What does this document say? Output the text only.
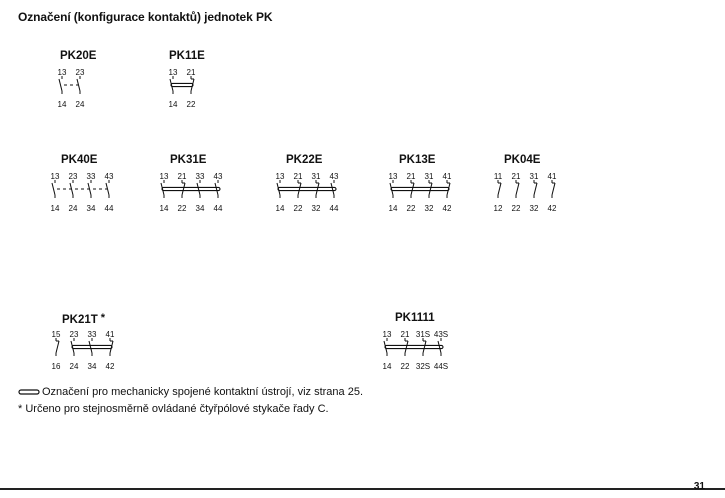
Označení (konfigurace kontaktů) jednotek PK
PK20E
13 23
14 24
PK11E
13 21
14 22
PK40E
13 23 33 43
14 24 34 44
PK31E
13 21 33 43
14 22 34 44
PK22E
13 21 31 43
14 22 32 44
PK13E
13 21 31 41
14 22 32 42
PK04E
11 21 31 41
12 22 32 42
PK21T *
15 23 33 41
16 24 34 42
PK1111
13 21 31S 43S
14 22 32S 44S
Označení pro mechanicky spojené kontaktní ústrojí, viz strana 25.
* Určeno pro stejnosměrně ovládané čtyřpólové stykače řady C.
31
